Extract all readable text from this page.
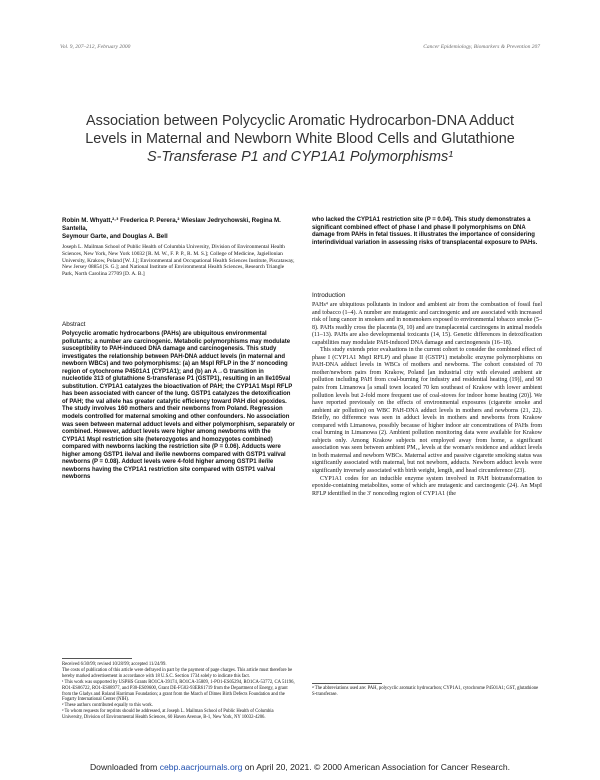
Vol. 9, 207–212, February 2000	Cancer Epidemiology, Biomarkers & Prevention 207
Association between Polycyclic Aromatic Hydrocarbon-DNA Adduct
Levels in Maternal and Newborn White Blood Cells and Glutathione
S-Transferase P1 and CYP1A1 Polymorphisms¹
Robin M. Whyatt,²·³ Frederica P. Perera,² Wieslaw Jedrychowski, Regina M. Santella,
Seymour Garte, and Douglas A. Bell

Joseph L. Mailman School of Public Health of Columbia University, Division of Environmental Health Sciences, New York, New York 10032 [R. M. W., F. P. P., R. M. S.]; College of Medicine, Jagiellonian University, Krakow, Poland [W. J.]; Environmental and Occupational Health Sciences Institute, Piscataway, New Jersey 08854 [S. G.]; and National Institute of Environmental Health Sciences, Research Triangle Park, North Carolina 27709 [D. A. B.]

Abstract

Polycyclic aromatic hydrocarbons (PAHs) are ubiquitous environmental pollutants; a number are carcinogenic. Metabolic polymorphisms may modulate susceptibility to PAH-induced DNA damage and carcinogenesis. This study investigates the relationship between PAH-DNA adduct levels (in maternal and newborn WBCs) and two polymorphisms: (a) an MspI RFLP in the 3′ noncoding region of cytochrome P4501A1 (CYP1A1); and (b) an A→G transition in nucleotide 313 of glutathione S-transferase P1 (GSTP1), resulting in an Ile105val substitution. CYP1A1 catalyzes the bioactivation of PAH; the CYP1A1 MspI RFLP has been associated with cancer of the lung. GSTP1 catalyzes the detoxification of PAH; the val allele has greater catalytic efficiency toward PAH diol epoxides. The study involves 160 mothers and their newborns from Poland. Regression models controlled for maternal smoking and other confounders. No association was seen between maternal adduct levels and either polymorphism, separately or combined. However, adduct levels were higher among newborns with the CYP1A1 MspI restriction site (heterozygotes and homozygotes combined) compared with newborns lacking the restriction site (P = 0.06). Adducts were higher among GSTP1 ile/val and ile/ile newborns compared with GSTP1 val/val newborns (P = 0.08). Adduct levels were 4-fold higher among GSTP1 ile/ile newborns having the CYP1A1 restriction site compared with GSTP1 val/val newborns

who lacked the CYP1A1 restriction site (P = 0.04). This study demonstrates a significant combined effect of phase I and phase II polymorphisms on DNA damage from PAHs in fetal tissues. It illustrates the importance of considering interindividual variation in assessing risks of transplacental exposure to PAHs.

Introduction

PAHs⁴ are ubiquitous pollutants in indoor and ambient air from the combustion of fossil fuel and tobacco (1–4). A number are mutagenic and carcinogenic and are associated with increased risk of lung cancer in smokers and in nonsmokers exposed to environmental tobacco smoke (5–8). PAHs readily cross the placenta (9, 10) and are transplacental carcinogens in animal models (11–13). PAHs are also developmental toxicants (14, 15). Genetic differences in detoxification capabilities may modulate PAH-induced DNA damage and carcinogenesis (16–18).

This study extends prior evaluations in the current cohort to consider the combined effect of phase I (CYP1A1 MspI RFLP) and phase II (GSTP1) metabolic enzyme polymorphisms on PAH-DNA adduct levels in WBCs of mothers and newborns. The cohort consisted of 70 mother/newborn pairs from Krakow, Poland [an industrial city with elevated ambient air pollution including PAH from coal-burning for industry and residential heating (19)], and 90 pairs from Limanowa [a small town located 70 km southeast of Krakow with lower ambient pollution levels but 2-fold more frequent use of coal-stoves for indoor home heating (20)]. We have reported previously on the effects of environmental exposures (cigarette smoke and ambient air pollution) on WBC PAH-DNA adduct levels in mothers and newborns (21, 22). Briefly, no difference was seen in adduct levels in mothers and newborns from Krakow compared with Limanowa, possibly because of higher indoor air concentrations of PAHs from coal burning in Limanowa (2). Ambient pollution monitoring data were available for Krakow subjects only. Among Krakow subjects not employed away from home, a significant association was seen between ambient PM₁₀ levels at the woman's residence and adduct levels in both maternal and newborn WBCs. Maternal active and passive cigarette smoking status was significantly associated with maternal, but not newborn, adducts. Newborn adduct levels were significantly inversely associated with birth weight, length, and head circumference (23).

CYP1A1 codes for an inducible enzyme system involved in PAH biotransformation to epoxide-containing metabolites, some of which are mutagenic and carcinogenic (24). An MspI RFLP identified in the 3′ noncoding region of CYP1A1 (the

Received 6/30/99; revised 10/28/99; accepted 11/24/99.

The costs of publication of this article were defrayed in part by the payment of page charges. This article must therefore be hereby marked advertisement in accordance with 18 U.S.C. Section 1734 solely to indicate this fact.

¹ This work was supported by USPHS Grants RO1CA-39174, RO1CA-35809, 1-PO1-ES05294, RO1CA-53772, CA 51196, RO1-ES06722, RO1-ES08977, and P30-ES09600, Grant DE-FG02-93ER61719 from the Department of Energy, a grant from the Gladys and Roland Harriman Foundation; a grant from the March of Dimes Birth Defects Foundation and the Fogarty International Center (NIH).

² These authors contributed equally to this work.

³ To whom requests for reprints should be addressed, at Joseph L. Mailman School of Public Health of Columbia University, Division of Environmental Health Sciences, 60 Haven Avenue, B-1, New York, NY 10032-4206.

⁴ The abbreviations used are: PAH, polycyclic aromatic hydrocarbon; CYP1A1, cytochrome P4501A1; GST, glutathione S-transferase.

Downloaded from cebp.aacrjournals.org on April 20, 2021. © 2000 American Association for Cancer Research.
